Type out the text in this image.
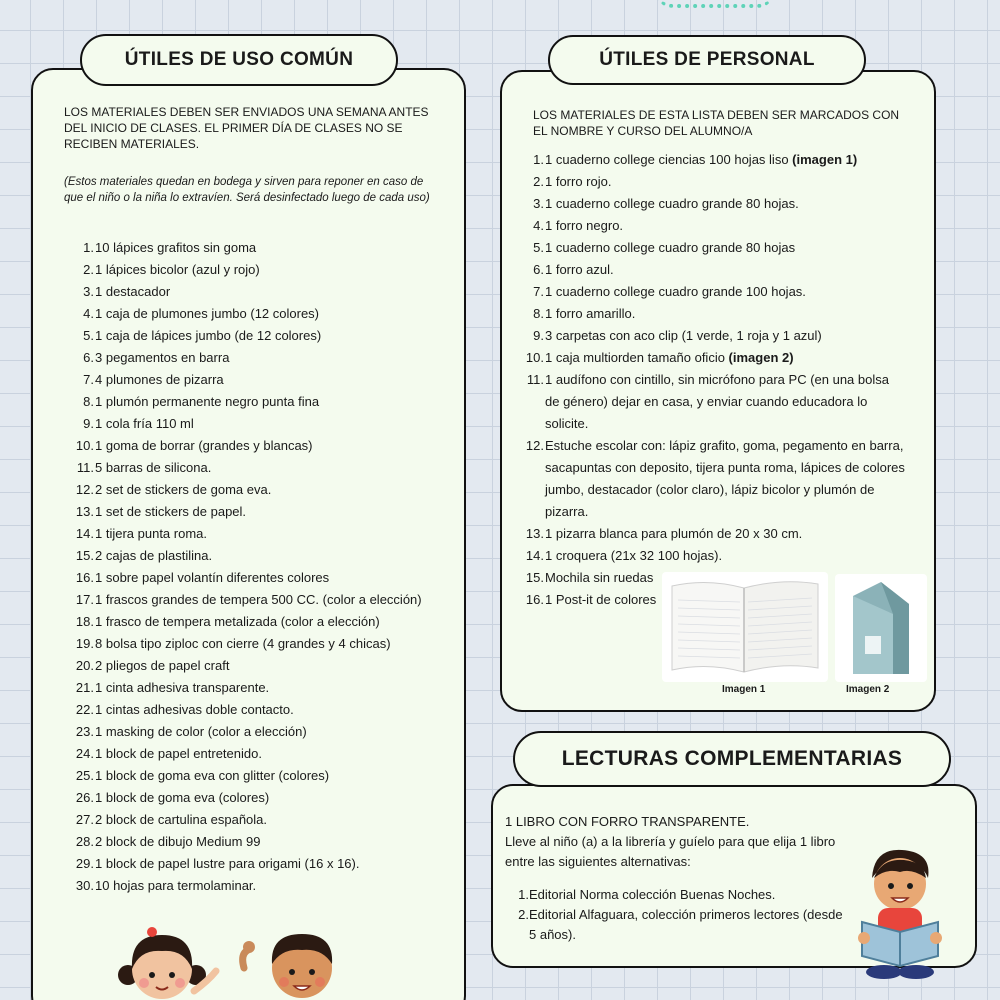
ÚTILES DE USO COMÚN
LOS MATERIALES DEBEN SER ENVIADOS UNA SEMANA ANTES DEL INICIO DE CLASES. EL PRIMER DÍA DE CLASES NO SE RECIBEN MATERIALES.
(Estos materiales quedan en bodega y sirven para reponer en caso de que el niño o la niña lo extravíen. Será desinfectado luego de cada uso)
1. 10 lápices grafitos sin goma
2. 1 lápices bicolor (azul y rojo)
3. 1 destacador
4. 1 caja de plumones jumbo (12 colores)
5. 1 caja de lápices jumbo (de 12 colores)
6. 3 pegamentos en barra
7. 4 plumones de pizarra
8. 1 plumón permanente negro punta fina
9. 1 cola fría 110 ml
10. 1 goma de borrar (grandes y blancas)
11. 5 barras de silicona.
12. 2 set de stickers de goma eva.
13. 1 set de stickers de papel.
14. 1 tijera punta roma.
15. 2 cajas de plastilina.
16. 1 sobre papel volantín diferentes colores
17. 1 frascos grandes de tempera 500 CC. (color a elección)
18. 1 frasco de tempera metalizada (color a elección)
19. 8 bolsa tipo ziploc con cierre (4 grandes y 4 chicas)
20. 2 pliegos de papel craft
21. 1 cinta adhesiva transparente.
22. 1 cintas adhesivas doble contacto.
23. 1 masking de color (color a elección)
24. 1 block de papel entretenido.
25. 1 block de goma eva con glitter (colores)
26. 1 block de goma eva (colores)
27. 2 block de cartulina española.
28. 2 block de dibujo Medium 99
29. 1 block de papel lustre para origami (16 x 16).
30. 10 hojas para termolaminar.
ÚTILES DE PERSONAL
LOS MATERIALES DE ESTA LISTA DEBEN SER MARCADOS CON EL NOMBRE Y CURSO DEL ALUMNO/A
1. 1 cuaderno college ciencias 100 hojas liso (imagen 1)
2. 1 forro rojo.
3. 1 cuaderno college cuadro grande 80 hojas.
4. 1 forro negro.
5. 1 cuaderno college cuadro grande 80 hojas
6. 1 forro azul.
7. 1 cuaderno college cuadro grande 100 hojas.
8. 1 forro amarillo.
9. 3 carpetas con aco clip (1 verde, 1 roja y 1 azul)
10. 1 caja multiorden tamaño oficio (imagen 2)
11. 1 audífono con cintillo, sin micrófono para PC (en una bolsa de género) dejar en casa, y enviar cuando educadora lo solicite.
12. Estuche escolar con: lápiz grafito, goma, pegamento en barra, sacapuntas con deposito, tijera punta roma, lápices de colores jumbo, destacador (color claro), lápiz bicolor y plumón de pizarra.
13. 1 pizarra blanca para plumón de 20 x 30 cm.
14. 1 croquera (21x 32 100 hojas).
15. Mochila sin ruedas
16. 1 Post-it de colores
Imagen 1	Imagen 2
LECTURAS COMPLEMENTARIAS
1 LIBRO CON FORRO TRANSPARENTE.
Lleve al niño (a) a la librería y guíelo para que elija 1 libro entre las siguientes alternativas:
1. Editorial Norma colección Buenas Noches.
2. Editorial Alfaguara, colección primeros lectores (desde 5 años).
